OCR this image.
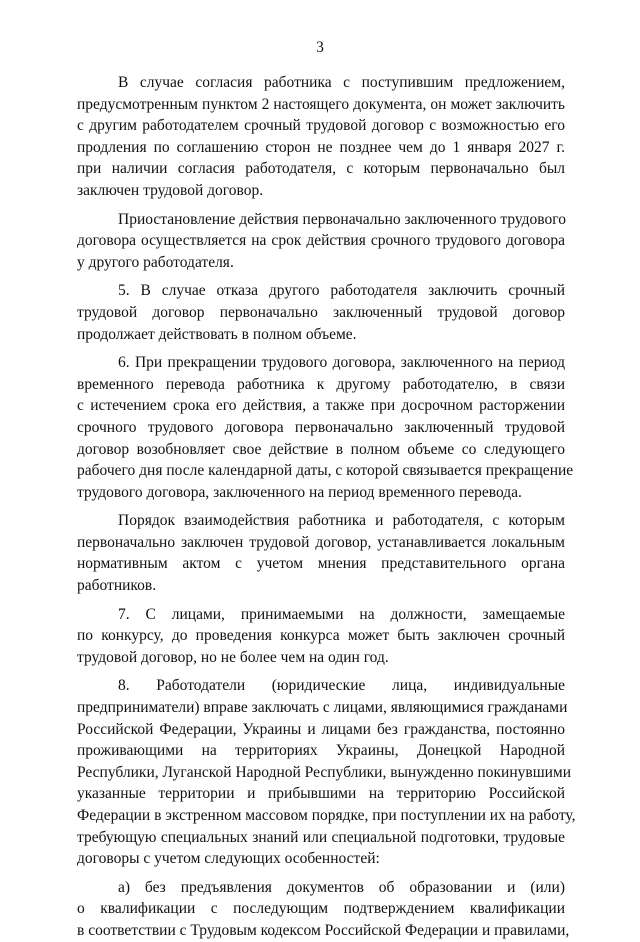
3
В случае согласия работника с поступившим предложением,
предусмотренным пунктом 2 настоящего документа, он может заключить
с другим работодателем срочный трудовой договор с возможностью его
продления по соглашению сторон не позднее чем до 1 января 2027 г.
при наличии согласия работодателя, с которым первоначально был
заключен трудовой договор.
Приостановление действия первоначально заключенного трудового
договора осуществляется на срок действия срочного трудового договора
у другого работодателя.
5. В случае отказа другого работодателя заключить срочный
трудовой договор первоначально заключенный трудовой договор
продолжает действовать в полном объеме.
6. При прекращении трудового договора, заключенного на период
временного перевода работника к другому работодателю, в связи
с истечением срока его действия, а также при досрочном расторжении
срочного трудового договора первоначально заключенный трудовой
договор возобновляет свое действие в полном объеме со следующего
рабочего дня после календарной даты, с которой связывается прекращение
трудового договора, заключенного на период временного перевода.
Порядок взаимодействия работника и работодателя, с которым
первоначально заключен трудовой договор, устанавливается локальным
нормативным актом с учетом мнения представительного органа
работников.
7. С лицами, принимаемыми на должности, замещаемые
по конкурсу, до проведения конкурса может быть заключен срочный
трудовой договор, но не более чем на один год.
8. Работодатели (юридические лица, индивидуальные
предприниматели) вправе заключать с лицами, являющимися гражданами
Российской Федерации, Украины и лицами без гражданства, постоянно
проживающими на территориях Украины, Донецкой Народной
Республики, Луганской Народной Республики, вынужденно покинувшими
указанные территории и прибывшими на территорию Российской
Федерации в экстренном массовом порядке, при поступлении их на работу,
требующую специальных знаний или специальной подготовки, трудовые
договоры с учетом следующих особенностей:
а) без предъявления документов об образовании и (или)
о квалификации с последующим подтверждением квалификации
в соответствии с Трудовым кодексом Российской Федерации и правилами,
